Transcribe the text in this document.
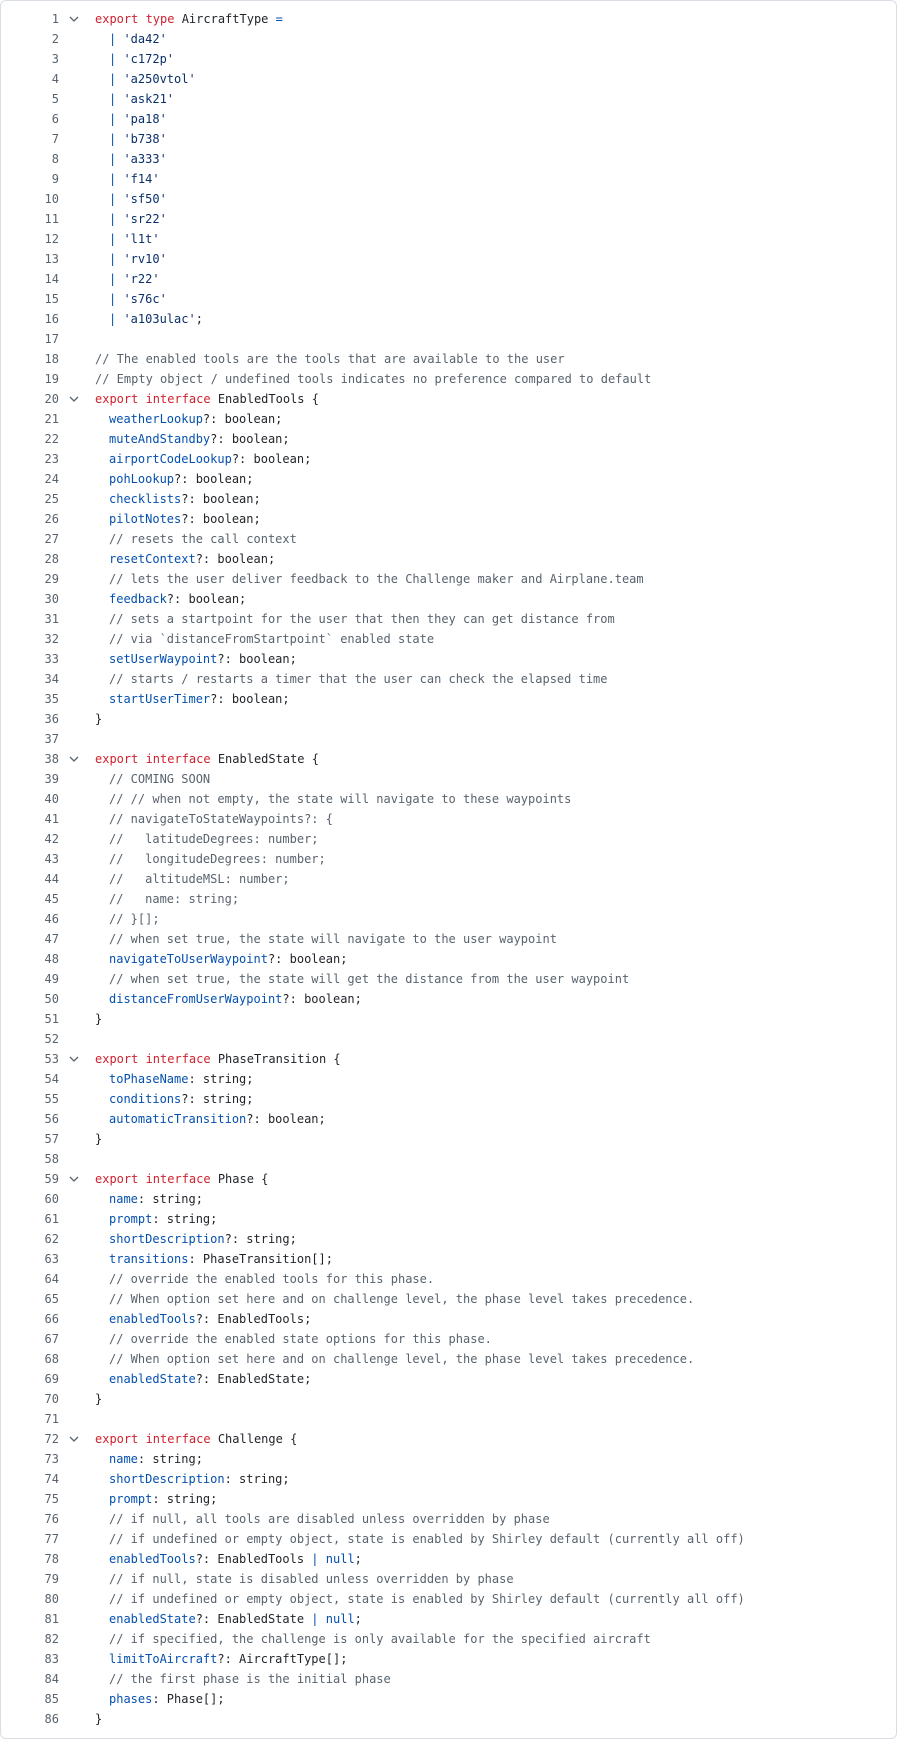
1	export type AircraftType =
2	| 'da42'
3	| 'c172p'
4	| 'a250vtol'
5	| 'ask21'
6	| 'pa18'
7	| 'b738'
8	| 'a333'
9	| 'f14'
10	| 'sf50'
11	| 'sr22'
12	| 'l1t'
13	| 'rv10'
14	| 'r22'
15	| 's76c'
16	| 'a103ulac';
17
18	// The enabled tools are the tools that are available to the user
19	// Empty object / undefined tools indicates no preference compared to default
20	export interface EnabledTools {
21	weatherLookup?: boolean;
22	muteAndStandby?: boolean;
23	airportCodeLookup?: boolean;
24	pohLookup?: boolean;
25	checklists?: boolean;
26	pilotNotes?: boolean;
27	// resets the call context
28	resetContext?: boolean;
29	// lets the user deliver feedback to the Challenge maker and Airplane.team
30	feedback?: boolean;
31	// sets a startpoint for the user that then they can get distance from
32	// via `distanceFromStartpoint` enabled state
33	setUserWaypoint?: boolean;
34	// starts / restarts a timer that the user can check the elapsed time
35	startUserTimer?: boolean;
36	}
37
38	export interface EnabledState {
39	// COMING SOON
40	// // when not empty, the state will navigate to these waypoints
41	// navigateToStateWaypoints?: {
42	//   latitudeDegrees: number;
43	//   longitudeDegrees: number;
44	//   altitudeMSL: number;
45	//   name: string;
46	// }[];
47	// when set true, the state will navigate to the user waypoint
48	navigateToUserWaypoint?: boolean;
49	// when set true, the state will get the distance from the user waypoint
50	distanceFromUserWaypoint?: boolean;
51	}
52
53	export interface PhaseTransition {
54	toPhaseName: string;
55	conditions?: string;
56	automaticTransition?: boolean;
57	}
58
59	export interface Phase {
60	name: string;
61	prompt: string;
62	shortDescription?: string;
63	transitions: PhaseTransition[];
64	// override the enabled tools for this phase.
65	// When option set here and on challenge level, the phase level takes precedence.
66	enabledTools?: EnabledTools;
67	// override the enabled state options for this phase.
68	// When option set here and on challenge level, the phase level takes precedence.
69	enabledState?: EnabledState;
70	}
71
72	export interface Challenge {
73	name: string;
74	shortDescription: string;
75	prompt: string;
76	// if null, all tools are disabled unless overridden by phase
77	// if undefined or empty object, state is enabled by Shirley default (currently all off)
78	enabledTools?: EnabledTools | null;
79	// if null, state is disabled unless overridden by phase
80	// if undefined or empty object, state is enabled by Shirley default (currently all off)
81	enabledState?: EnabledState | null;
82	// if specified, the challenge is only available for the specified aircraft
83	limitToAircraft?: AircraftType[];
84	// the first phase is the initial phase
85	phases: Phase[];
86	}
